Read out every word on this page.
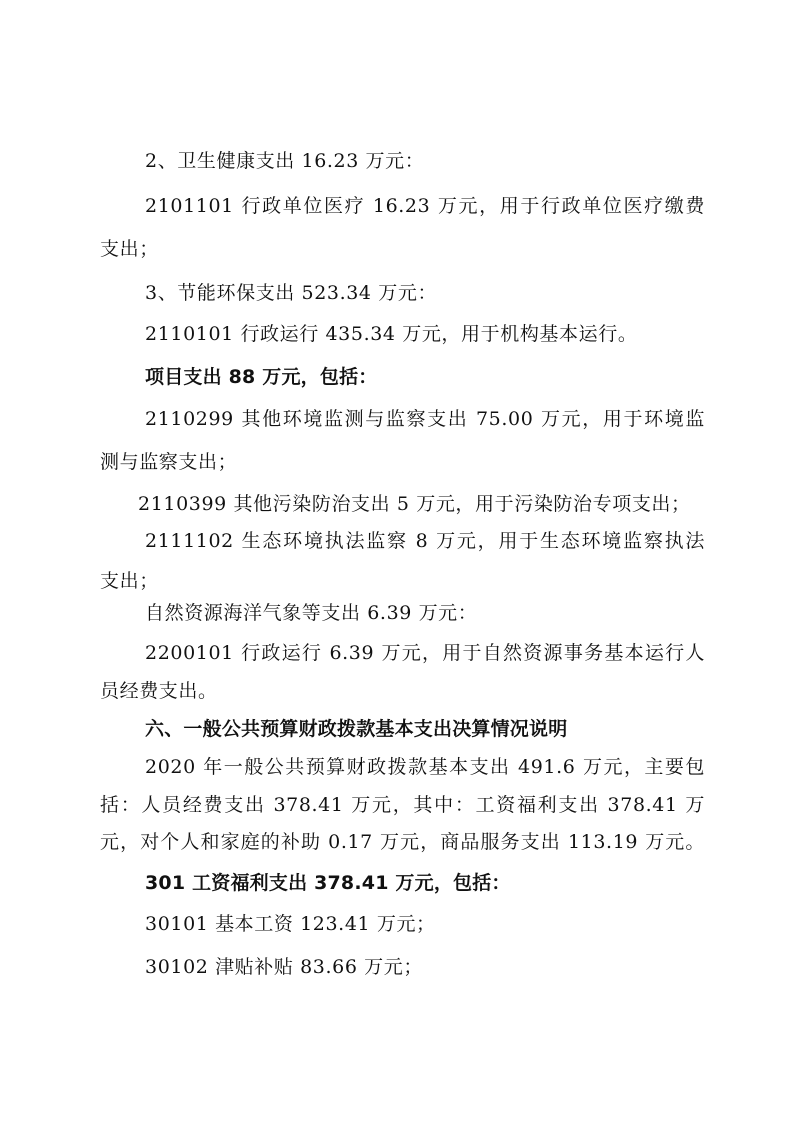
2、卫生健康支出 16.23 万元：
2101101 行政单位医疗 16.23 万元，用于行政单位医疗缴费
支出；
3、节能环保支出 523.34 万元：
2110101 行政运行 435.34 万元，用于机构基本运行。
项目支出 88 万元，包括：
2110299 其他环境监测与监察支出 75.00 万元，用于环境监
测与监察支出；
2110399 其他污染防治支出 5 万元，用于污染防治专项支出；
2111102 生态环境执法监察 8 万元，用于生态环境监察执法
支出；
自然资源海洋气象等支出 6.39 万元：
2200101 行政运行 6.39 万元，用于自然资源事务基本运行人
员经费支出。
六、一般公共预算财政拨款基本支出决算情况说明
2020 年一般公共预算财政拨款基本支出 491.6 万元，主要包
括：人员经费支出 378.41 万元，其中：工资福利支出 378.41 万
元，对个人和家庭的补助 0.17 万元，商品服务支出 113.19 万元。
301 工资福利支出 378.41 万元，包括：
30101 基本工资 123.41 万元；
30102 津贴补贴 83.66 万元；
